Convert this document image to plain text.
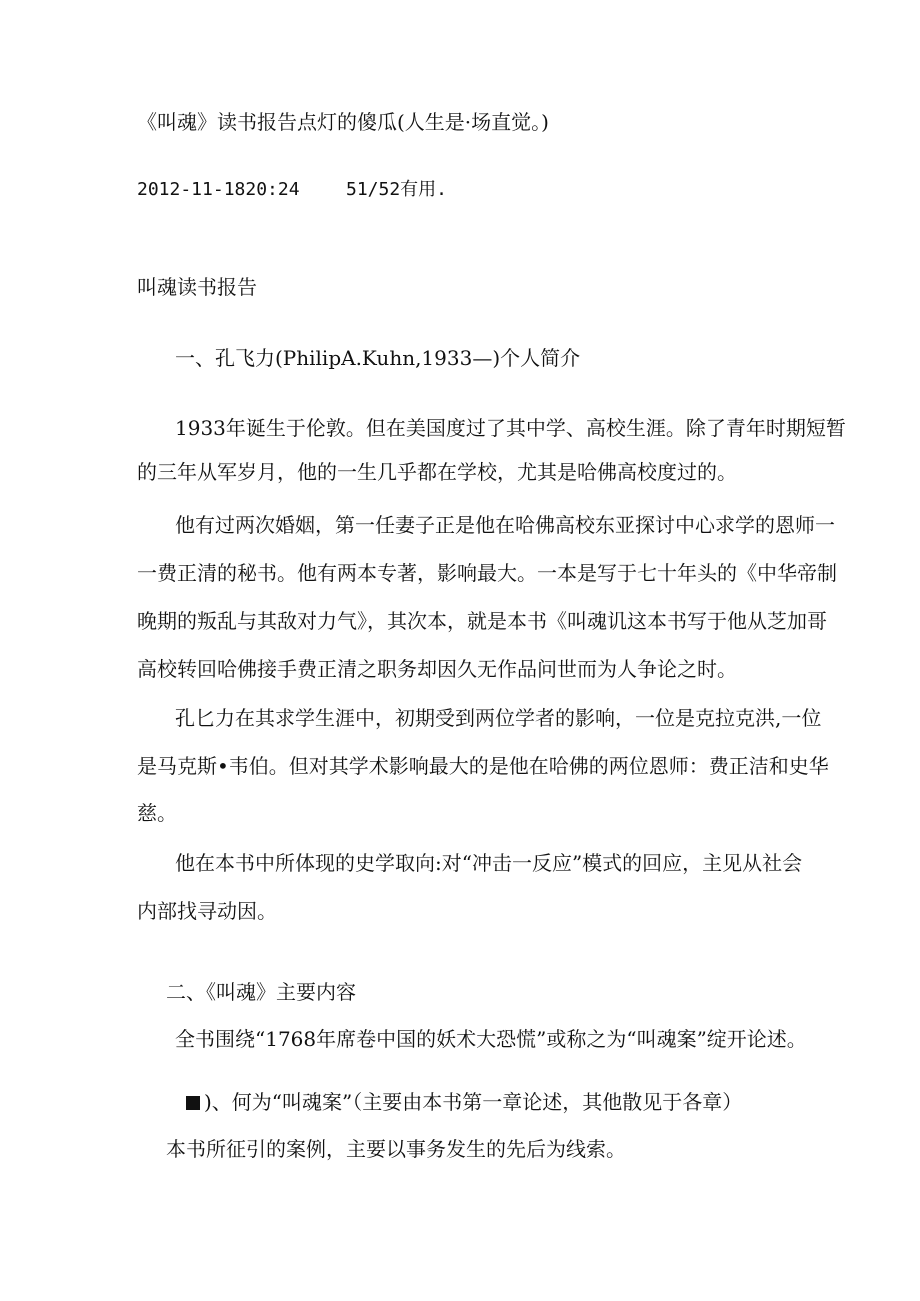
《叫魂》读书报告点灯的傻瓜(人生是·场直觉。)

2012-11-1820:24	51/52有用.

叫魂读书报告

一、孔飞力(PhilipA.Kuhn,1933—)个人简介

1933年诞生于伦敦。但在美国度过了其中学、高校生涯。除了青年时期短暂

的三年从军岁月，他的一生几乎都在学校，尤其是哈佛高校度过的。

他有过两次婚姻，第一任妻子正是他在哈佛高校东亚探讨中心求学的恩师一

一费正清的秘书。他有两本专著，影响最大。一本是写于七十年头的《中华帝制

晚期的叛乱与其敌对力气》，其次本，就是本书《叫魂讥这本书写于他从芝加哥

高校转回哈佛接手费正清之职务却因久无作品问世而为人争论之时。

孔匕力在其求学生涯中，初期受到两位学者的影响，一位是克拉克洪,一位

是马克斯•韦伯。但对其学术影响最大的是他在哈佛的两位恩师：费正洁和史华

慈。

他在本书中所体现的史学取向:对“冲击一反应”模式的回应，主见从社会

内部找寻动因。

二、《叫魂》主要内容

全书围绕“1768年席卷中国的妖术大恐慌”或称之为“叫魂案”绽开论述。

)、何为“叫魂案”（主要由本书第一章论述，其他散见于各章）

本书所征引的案例，主要以事务发生的先后为线索。
